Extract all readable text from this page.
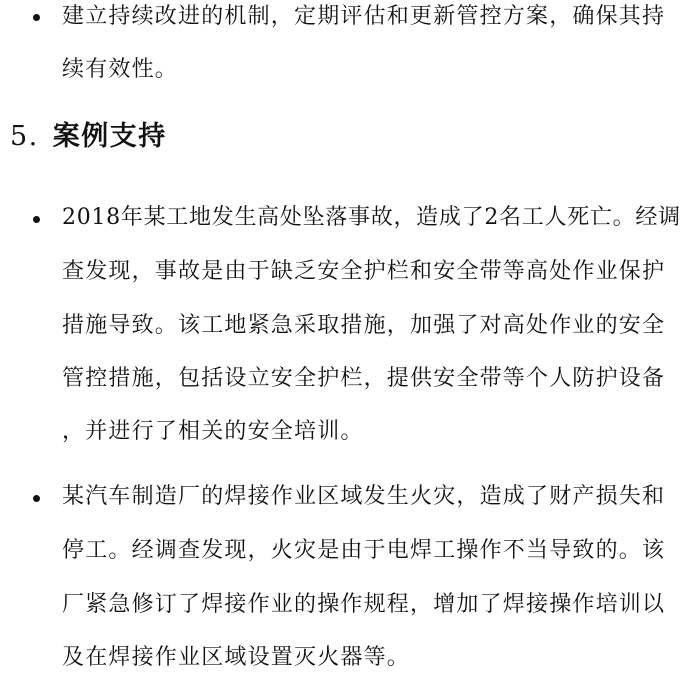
建立持续改进的机制，定期评估和更新管控方案，确保其持
续有效性。
5. 案例支持
2018年某工地发生高处坠落事故，造成了2名工人死亡。经调
查发现，事故是由于缺乏安全护栏和安全带等高处作业保护
措施导致。该工地紧急采取措施，加强了对高处作业的安全
管控措施，包括设立安全护栏，提供安全带等个人防护设备
，并进行了相关的安全培训。
某汽车制造厂的焊接作业区域发生火灾，造成了财产损失和
停工。经调查发现，火灾是由于电焊工操作不当导致的。该
厂紧急修订了焊接作业的操作规程，增加了焊接操作培训以
及在焊接作业区域设置灭火器等。
